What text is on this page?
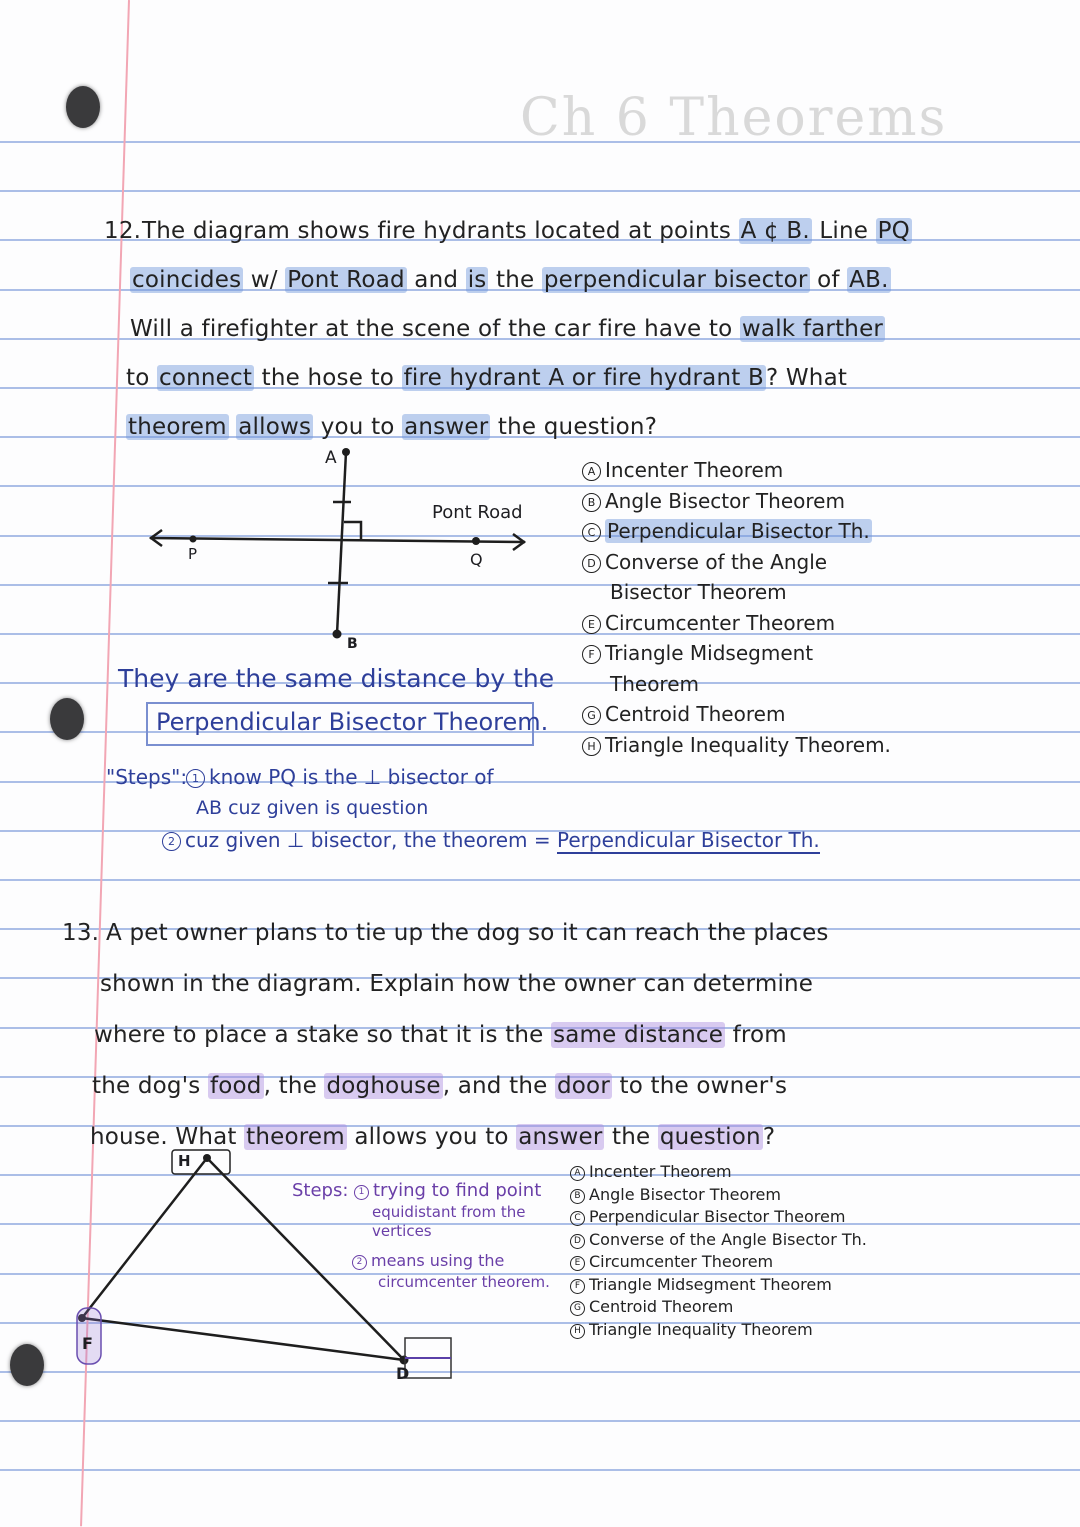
Ch 6 Theorems
12. The diagram shows fire hydrants located at points A ¢ B. Line PQ
coincides w/ Pont Road and is the perpendicular bisector of AB.
Will a firefighter at the scene of the car fire have to walk farther
to connect the hose to fire hydrant A or fire hydrant B? What
theorem allows you to answer the question?
A
B
P	Q
Pont Road
A Incenter Theorem
B Angle Bisector Theorem
C Perpendicular Bisector Th.
D Converse of the Angle
Bisector Theorem
E Circumcenter Theorem
F Triangle Midsegment
Theorem
G Centroid Theorem
H Triangle Inequality Theorem.
They are the same distance by the
Perpendicular Bisector Theorem.
"Steps": 1 know PQ is the ⊥ bisector of
AB cuz given is question
2 cuz given ⊥ bisector, the theorem = Perpendicular Bisector Th.
13. A pet owner plans to tie up the dog so it can reach the places
shown in the diagram. Explain how the owner can determine
where to place a stake so that it is the same distance from
the dog's food, the doghouse, and the door to the owner's
house. What theorem allows you to answer the question?
H
F
D
Steps:	1 trying to find point
equidistant from the
vertices
2 means using the
circumcenter theorem.
A Incenter Theorem
B Angle Bisector Theorem
C Perpendicular Bisector Theorem
D Converse of the Angle Bisector Th.
E Circumcenter Theorem
F Triangle Midsegment Theorem
G Centroid Theorem
H Triangle Inequality Theorem
